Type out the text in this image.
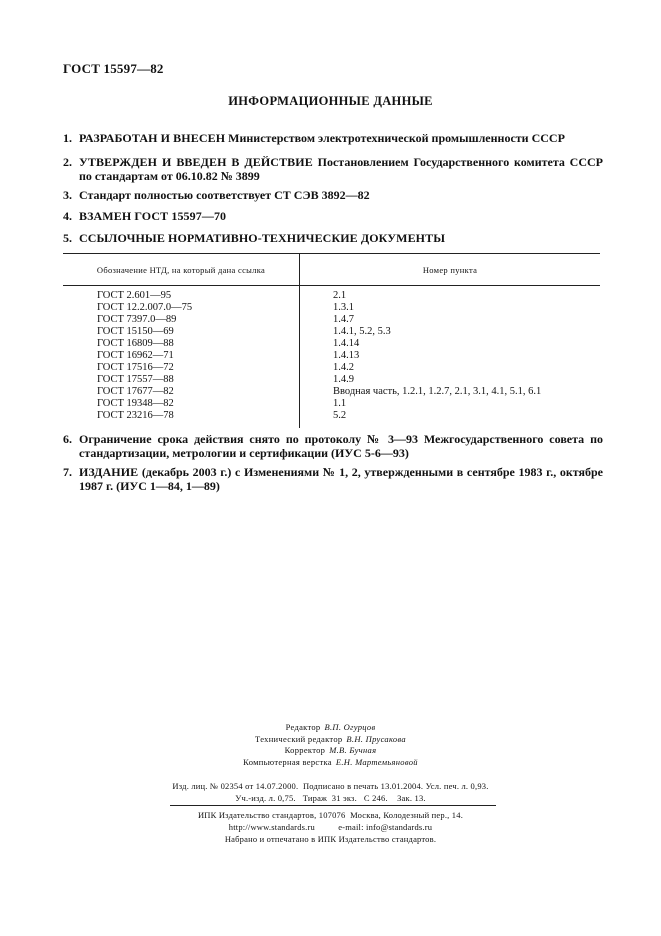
ГОСТ 15597—82
ИНФОРМАЦИОННЫЕ ДАННЫЕ
1. РАЗРАБОТАН И ВНЕСЕН Министерством электротехнической промышленности СССР
2. УТВЕРЖДЕН И ВВЕДЕН В ДЕЙСТВИЕ Постановлением Государственного комитета СССР по стандартам от 06.10.82 № 3899
3. Стандарт полностью соответствует СТ СЭВ 3892—82
4. ВЗАМЕН ГОСТ 15597—70
5. ССЫЛОЧНЫЕ НОРМАТИВНО-ТЕХНИЧЕСКИЕ ДОКУМЕНТЫ
Обозначение НТД, на который дана ссылка	Номер пункта
ГОСТ 2.601—95	2.1
ГОСТ 12.2.007.0—75	1.3.1
ГОСТ 7397.0—89	1.4.7
ГОСТ 15150—69	1.4.1, 5.2, 5.3
ГОСТ 16809—88	1.4.14
ГОСТ 16962—71	1.4.13
ГОСТ 17516—72	1.4.2
ГОСТ 17557—88	1.4.9
ГОСТ 17677—82	Вводная часть, 1.2.1, 1.2.7, 2.1, 3.1, 4.1, 5.1, 6.1
ГОСТ 19348—82	1.1
ГОСТ 23216—78	5.2
6. Ограничение срока действия снято по протоколу № 3—93 Межгосударственного совета по стандартизации, метрологии и сертификации (ИУС 5-6—93)
7. ИЗДАНИЕ (декабрь 2003 г.) с Изменениями № 1, 2, утвержденными в сентябре 1983 г., октябре 1987 г. (ИУС 1—84, 1—89)
Редактор В.П. Огурцов
Технический редактор В.Н. Прусакова
Корректор М.В. Бучная
Компьютерная верстка Е.Н. Мартемьяновой
Изд. лиц. № 02354 от 14.07.2000.  Подписано в печать 13.01.2004. Усл. печ. л. 0,93.
Уч.-изд. л. 0,75.   Тираж  31 экз.   С 246.    Зак. 13.
ИПК Издательство стандартов, 107076  Москва, Колодезный пер., 14.
http://www.standards.ru          e-mail: info@standards.ru
Набрано и отпечатано в ИПК Издательство стандартов.
